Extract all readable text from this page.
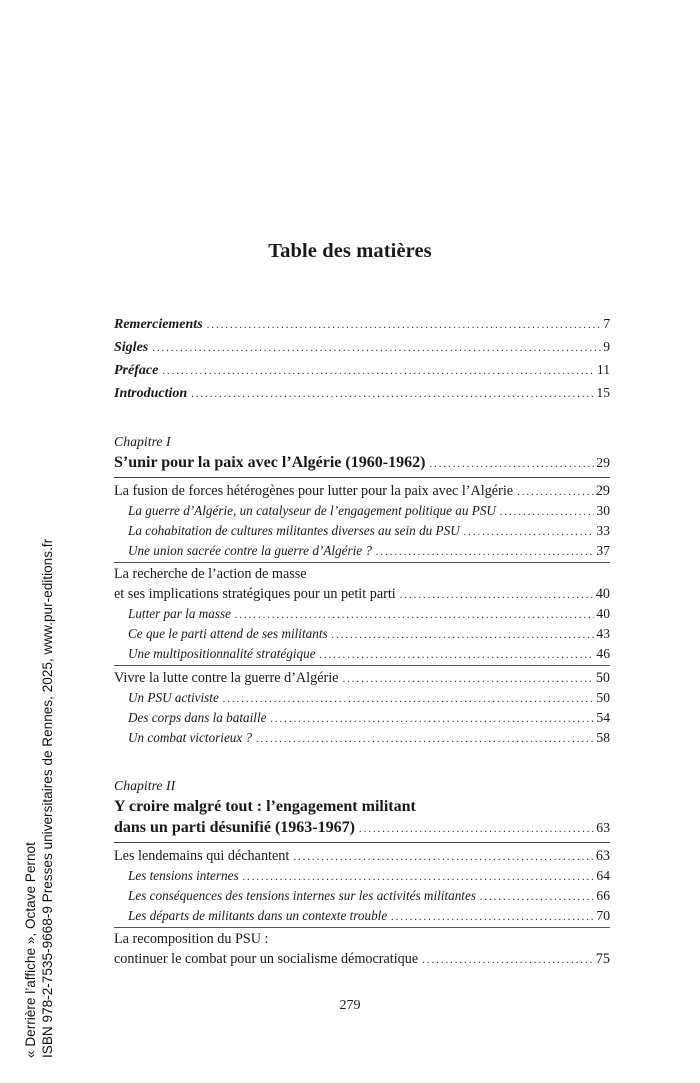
Table des matières
Remerciements .....	7
Sigles .....	9
Préface .....	11
Introduction .....	15
Chapitre I
S’unir pour la paix avec l’Algérie (1960-1962) .....	29
La fusion de forces hétérogènes pour lutter pour la paix avec l’Algérie .....	29
La guerre d’Algérie, un catalyseur de l’engagement politique au PSU .....	30
La cohabitation de cultures militantes diverses au sein du PSU .....	33
Une union sacrée contre la guerre d’Algérie ? .....	37
La recherche de l’action de masse
et ses implications stratégiques pour un petit parti .....	40
Lutter par la masse .....	40
Ce que le parti attend de ses militants .....	43
Une multipositionnalité stratégique .....	46
Vivre la lutte contre la guerre d’Algérie .....	50
Un PSU activiste .....	50
Des corps dans la bataille .....	54
Un combat victorieux ? .....	58
Chapitre II
Y croire malgré tout : l’engagement militant
dans un parti désunifié (1963-1967) .....	63
Les lendemains qui déchantent .....	63
Les tensions internes .....	64
Les conséquences des tensions internes sur les activités militantes .....	66
Les départs de militants dans un contexte trouble .....	70
La recomposition du PSU :
continuer le combat pour un socialisme démocratique .....	75
279
« Derrière l’affiche », Octave Pernot ISBN 978-2-7535-9668-9 Presses universitaires de Rennes, 2025, www.pur-editions.fr
